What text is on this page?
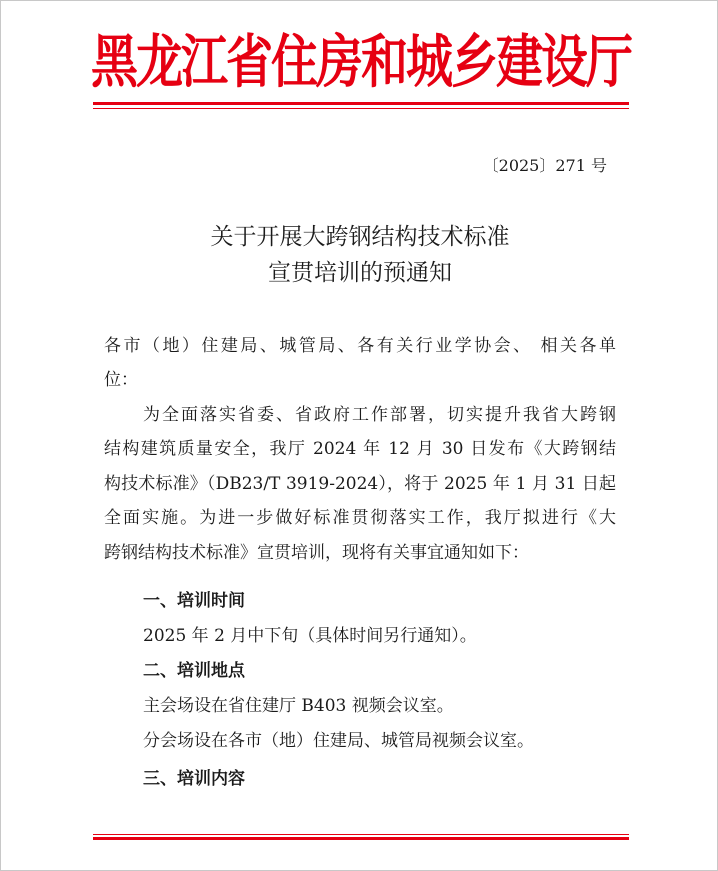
黑龙江省住房和城乡建设厅
〔2025〕271 号
关于开展大跨钢结构技术标准
宣贯培训的预通知
各市（地）住建局、城管局、各有关行业学协会、 相关各单
位：
为全面落实省委、省政府工作部署，切实提升我省大跨钢
结构建筑质量安全，我厅 2024 年 12 月 30 日发布《大跨钢结
构技术标准》（DB23/T 3919-2024），将于 2025 年 1 月 31 日起
全面实施。为进一步做好标准贯彻落实工作，我厅拟进行《大
跨钢结构技术标准》宣贯培训，现将有关事宜通知如下：
一、培训时间
2025 年 2 月中下旬（具体时间另行通知）。
二、培训地点
主会场设在省住建厅 B403 视频会议室。
分会场设在各市（地）住建局、城管局视频会议室。
三、培训内容
